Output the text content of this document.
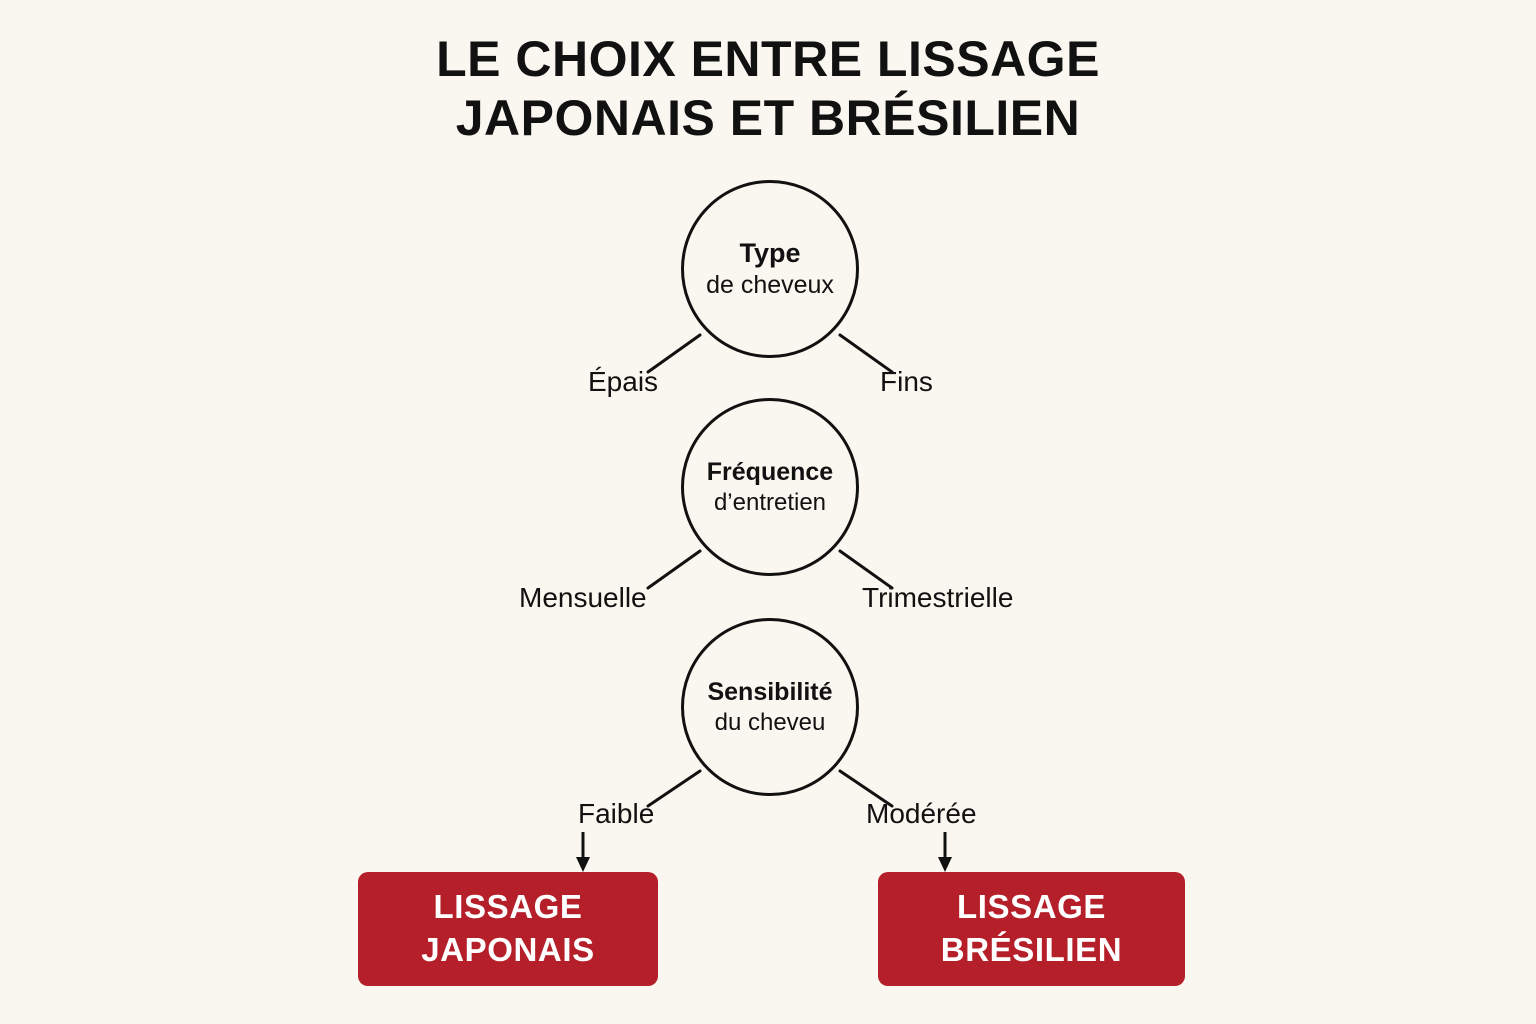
LE CHOIX ENTRE LISSAGE
JAPONAIS ET BRÉSILIEN
Type
de cheveux
Fréquence
d’entretien
Sensibilité
du cheveu
Épais	Fins
Mensuelle	Trimestrielle
Faible	Modérée
LISSAGE
JAPONAIS
LISSAGE
BRÉSILIEN
